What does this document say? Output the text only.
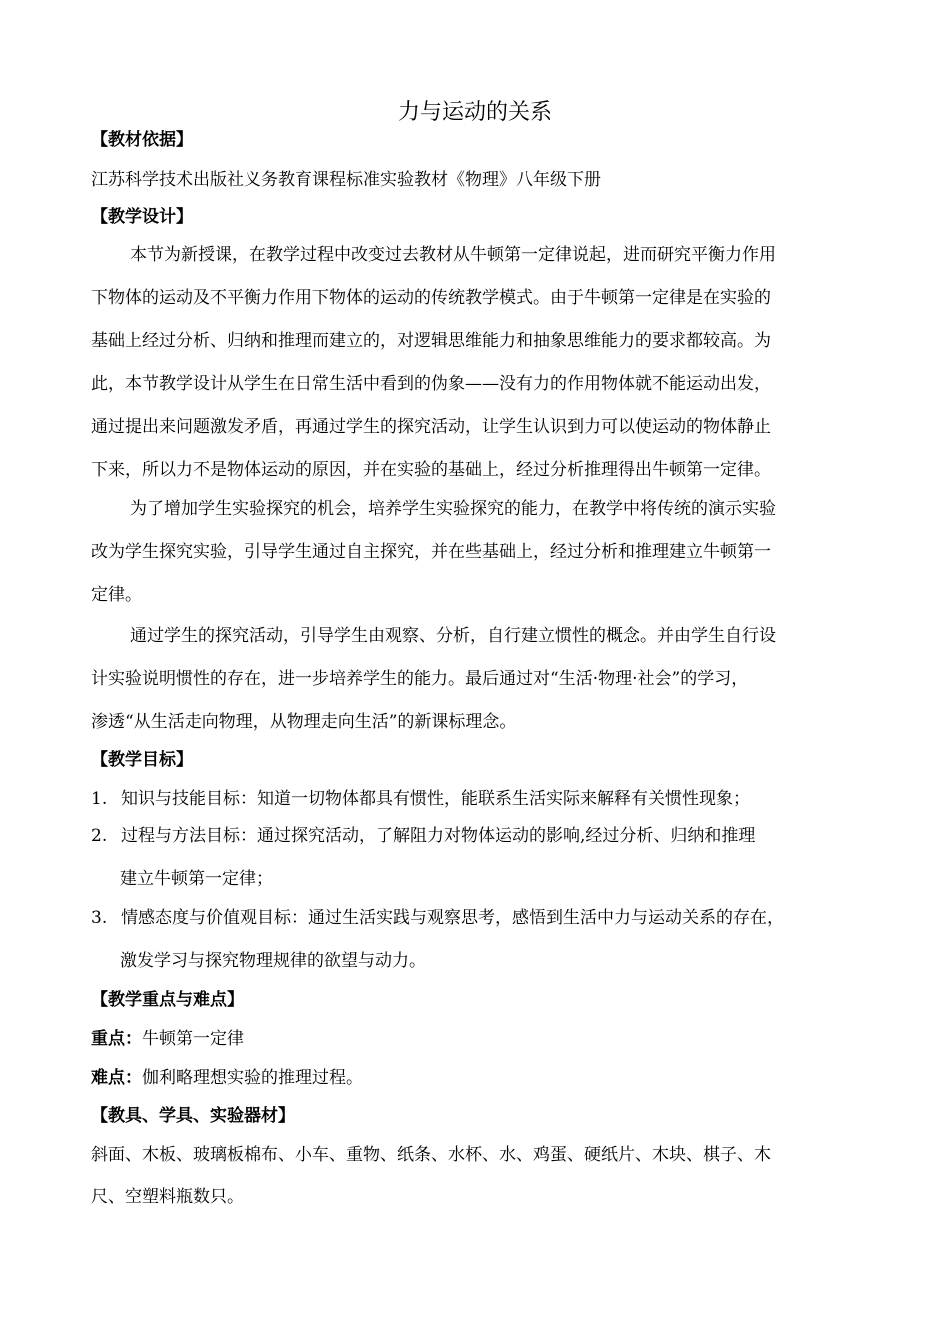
力与运动的关系
【教材依据】
江苏科学技术出版社义务教育课程标准实验教材《物理》八年级下册
【教学设计】
本节为新授课，在教学过程中改变过去教材从牛顿第一定律说起，进而研究平衡力作用
下物体的运动及不平衡力作用下物体的运动的传统教学模式。由于牛顿第一定律是在实验的
基础上经过分析、归纳和推理而建立的，对逻辑思维能力和抽象思维能力的要求都较高。为
此，本节教学设计从学生在日常生活中看到的伪象——没有力的作用物体就不能运动出发，
通过提出来问题激发矛盾，再通过学生的探究活动，让学生认识到力可以使运动的物体静止
下来，所以力不是物体运动的原因，并在实验的基础上，经过分析推理得出牛顿第一定律。
为了增加学生实验探究的机会，培养学生实验探究的能力，在教学中将传统的演示实验
改为学生探究实验，引导学生通过自主探究，并在些基础上，经过分析和推理建立牛顿第一
定律。
通过学生的探究活动，引导学生由观察、分析，自行建立惯性的概念。并由学生自行设
计实验说明惯性的存在，进一步培养学生的能力。最后通过对“生活·物理·社会”的学习，
渗透“从生活走向物理，从物理走向生活”的新课标理念。
【教学目标】
1. 知识与技能目标：知道一切物体都具有惯性，能联系生活实际来解释有关惯性现象；
2. 过程与方法目标：通过探究活动，了解阻力对物体运动的影响,经过分析、归纳和推理
建立牛顿第一定律；
3. 情感态度与价值观目标：通过生活实践与观察思考，感悟到生活中力与运动关系的存在，
激发学习与探究物理规律的欲望与动力。
【教学重点与难点】
重点：牛顿第一定律
难点：伽利略理想实验的推理过程。
【教具、学具、实验器材】
斜面、木板、玻璃板棉布、小车、重物、纸条、水杯、水、鸡蛋、硬纸片、木块、棋子、木
尺、空塑料瓶数只。
